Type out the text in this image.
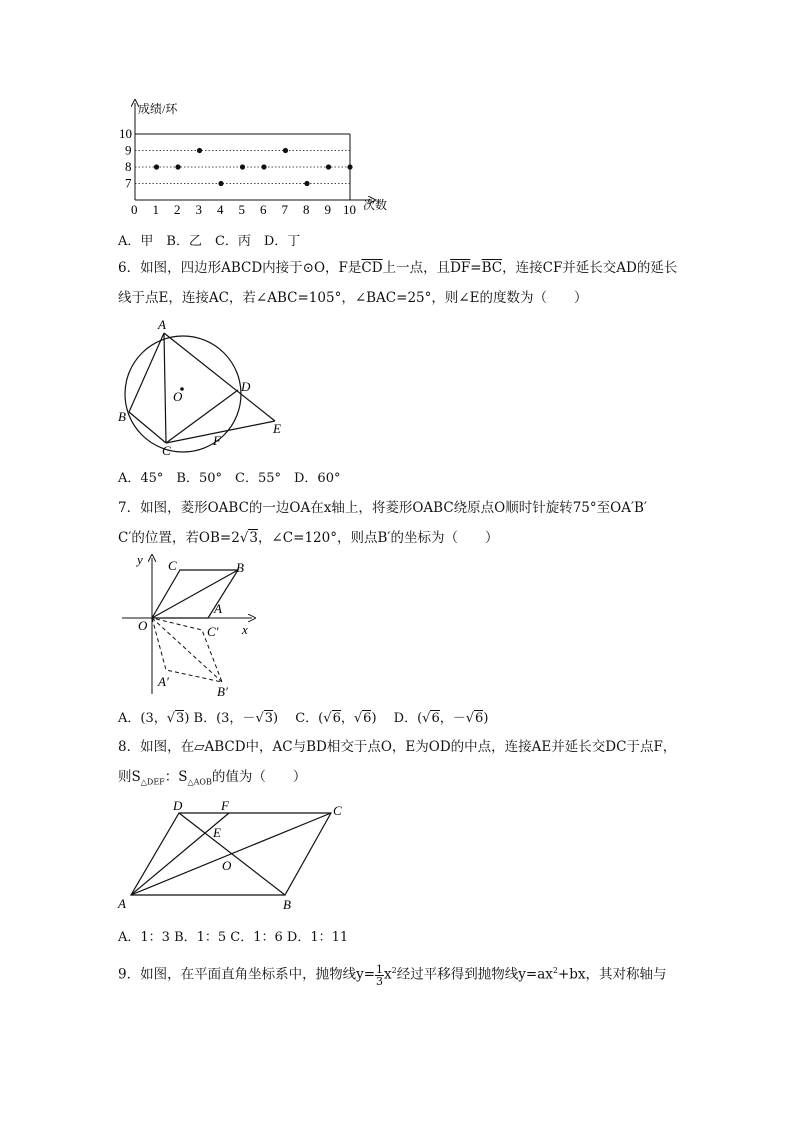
0 1 2 3 4 5 6 7 8 9 10
7
8
9
10
成绩/环
次数
A．甲　B．乙　C．丙　D．丁
6．如图，四边形ABCD内接于⊙O，F是$\overline{CD}$上一点，且$\overline{DF}=\overline{BC}$，连接CF并延长交AD的延长
线于点E，连接AC，若∠ABC=105°，∠BAC=25°，则∠E的度数为（　　）
A
B
C
D
E
F
O
A．45°　B．50°　C．55°　D．60°
7．如图，菱形OABC的一边OA在x轴上，将菱形OABC绕原点O顺时针旋转75°至OA′B′
C′的位置，若OB=2√3，∠C=120°，则点B′的坐标为（　　）
y
x
O
A
B
C
A′
B′
C′
A．(3，√3) B．(3，－√3) 　 C．(√6，√6) 　 D．(√6，－√6)
8．如图，在▱ABCD中，AC与BD相交于点O，E为OD的中点，连接AE并延长交DC于点F，
则$S_{\triangle DEF}$：$S_{\triangle AOB}$的值为（　　）
A	B
C
D
E
F
O
A．1：3 B．1：5 C．1：6 D．1：11
9．如图，在平面直角坐标系中，抛物线$y= \frac{1}{3} x^2$经过平移得到抛物线$y=ax^2+bx$，其对称轴与
